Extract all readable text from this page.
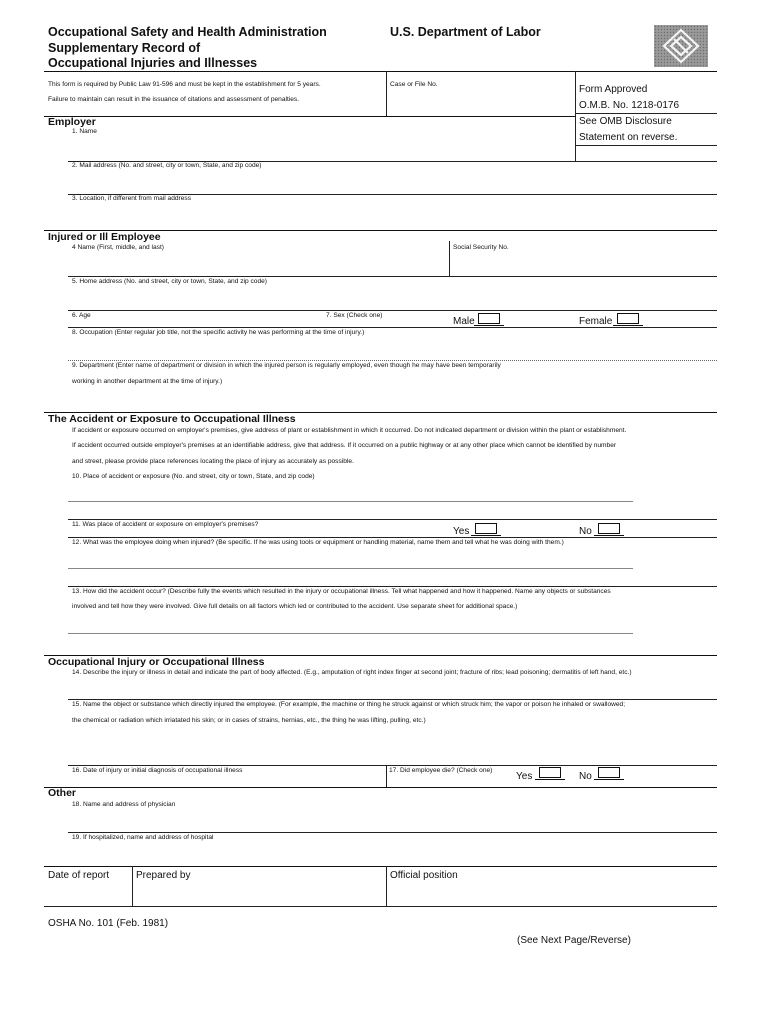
Occupational Safety and Health Administration
Supplementary Record of
Occupational Injuries and Illnesses
U.S. Department of Labor
This form is required by Public Law 91-596 and must be kept in the establishment for 5 years.
Failure to maintain can result in the issuance of citations and assessment of penalties.
Case or File No.	Form Approved
O.M.B. No. 1218-0176
See OMB Disclosure
Statement on reverse.
Employer
1. Name
2. Mail address (No. and street, city or town, State, and zip code)
3. Location, if different from mail address
Injured or Ill Employee
4 Name (First, middle, and last)	Social Security No.
5. Home address (No. and street, city or town, State, and zip code)
6. Age	7. Sex (Check one)
Male	Female
8. Occupation (Enter regular job title, not the specific activity he was performing at the time of injury.)
9. Department (Enter name of department or division in which the injured person is regularly employed, even though he may have been temporarily
working in another department at the time of injury.)
The Accident or Exposure to Occupational Illness
If accident or exposure occurred on employer's premises, give address of plant or establishment in which it occurred. Do not indicated department or division within the plant or establishment.
If accident occurred outside employer's premises at an identifiable address, give that address. If it occurred on a public highway or at any other place which cannot be identified by number
and street, please provide place references locating the place of injury as accurately as possible.
10. Place of accident or exposure (No. and street, city or town, State, and zip code)
11. Was place of accident or exposure on employer's premises?
Yes	No
12. What was the employee doing when injured? (Be specific. If he was using tools or equipment or handling material, name them and tell what he was doing with them.)
13. How did the accident occur? (Describe fully the events which resulted in the injury or occupational illness. Tell what happened and how it happened. Name any objects or substances
involved and tell how they were involved. Give full details on all factors which led or contributed to the accident. Use separate sheet for additional space.)
Occupational Injury or Occupational Illness
14. Describe the injury or illness in detail and indicate the part of body affected. (E.g., amputation of right index finger at second joint; fracture of ribs; lead poisoning; dermatitis of left hand, etc.)
15. Name the object or substance which directly injured the employee. (For example, the machine or thing he struck against or which struck him; the vapor or poison he inhaled or swallowed;
the chemical or radiation which irriatated his skin; or in cases of strains, hernias, etc., the thing he was lifting, pulling, etc.)
16. Date of injury or initial diagnosis of occupational illness	17. Did employee die? (Check one)
Yes	No
Other
18. Name and address of physician
19. If hospitalized, name and address of hospital
Date of report	Prepared by	Official position
OSHA No. 101 (Feb. 1981)
(See Next Page/Reverse)
